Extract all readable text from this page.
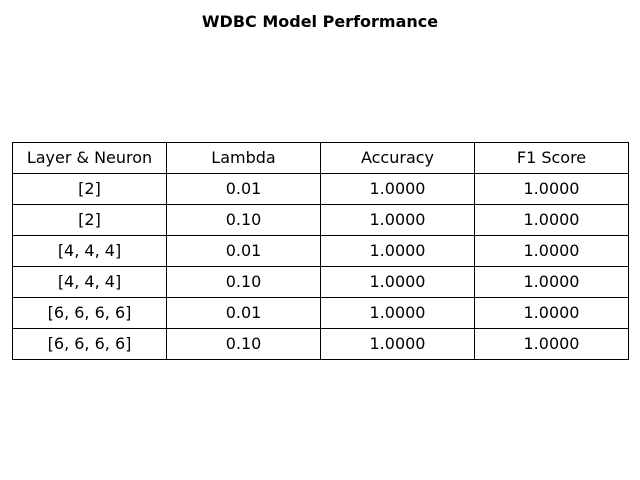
WDBC Model Performance
Layer & Neuron	Lambda	Accuracy	F1 Score
[2]	0.01	1.0000	1.0000
[2]	0.10	1.0000	1.0000
[4, 4, 4]	0.01	1.0000	1.0000
[4, 4, 4]	0.10	1.0000	1.0000
[6, 6, 6, 6]	0.01	1.0000	1.0000
[6, 6, 6, 6]	0.10	1.0000	1.0000
